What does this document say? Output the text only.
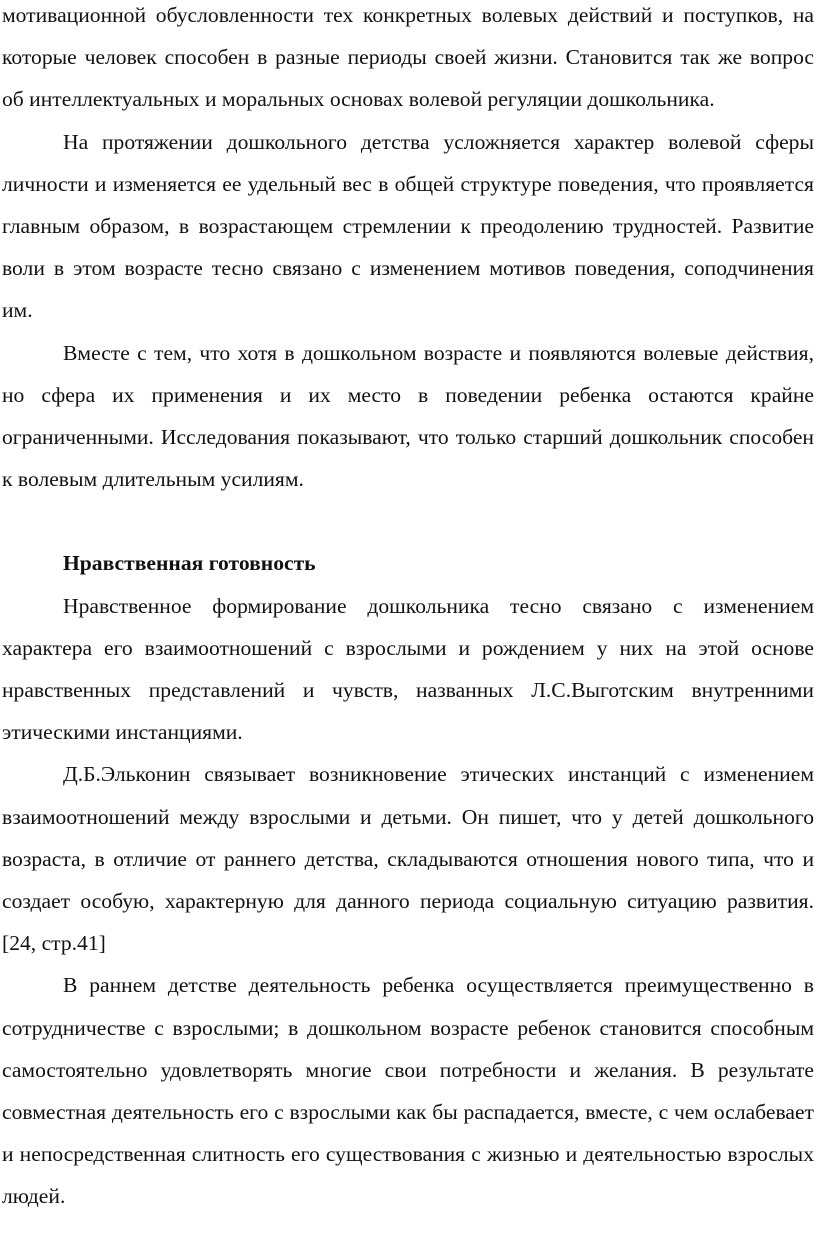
мотивационной обусловленности тех конкретных волевых действий и поступков, на которые человек способен в разные периоды своей жизни. Становится так же вопрос об интеллектуальных и моральных основах волевой регуляции дошкольника.

На протяжении дошкольного детства усложняется характер волевой сферы личности и изменяется ее удельный вес в общей структуре поведения, что проявляется главным образом, в возрастающем стремлении к преодолению трудностей. Развитие воли в этом возрасте тесно связано с изменением мотивов поведения, соподчинения им.

Вместе с тем, что хотя в дошкольном возрасте и появляются волевые действия, но сфера их применения и их место в поведении ребенка остаются крайне ограниченными. Исследования показывают, что только старший дошкольник способен к волевым длительным усилиям.

Нравственная готовность

Нравственное формирование дошкольника тесно связано с изменением характера его взаимоотношений с взрослыми и рождением у них на этой основе нравственных представлений и чувств, названных Л.С.Выготским внутренними этическими инстанциями.

Д.Б.Эльконин связывает возникновение этических инстанций с изменением взаимоотношений между взрослыми и детьми. Он пишет, что у детей дошкольного возраста, в отличие от раннего детства, складываются отношения нового типа, что и создает особую, характерную для данного периода социальную ситуацию развития. [24, стр.41]

В раннем детстве деятельность ребенка осуществляется преимущественно в сотрудничестве с взрослыми; в дошкольном возрасте ребенок становится способным самостоятельно удовлетворять многие свои потребности и желания. В результате совместная деятельность его с взрослыми как бы распадается, вместе, с чем ослабевает и непосредственная слитность его существования с жизнью и деятельностью взрослых людей.
